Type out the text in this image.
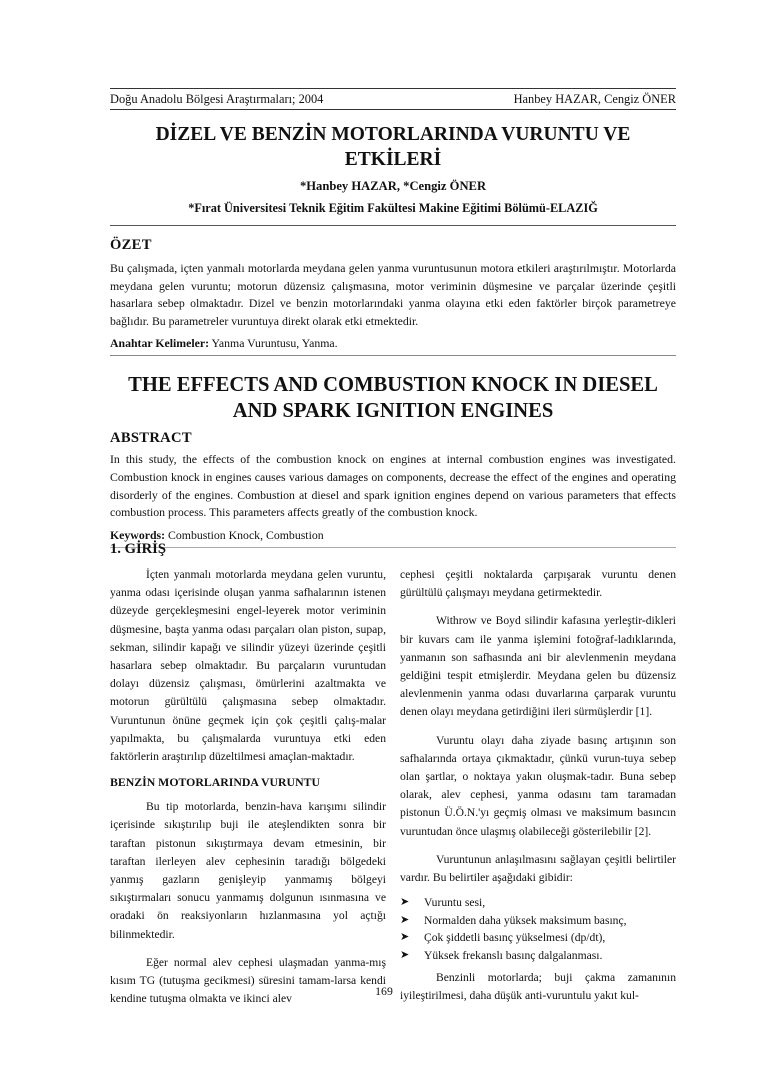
Doğu Anadolu Bölgesi Araştırmaları; 2004	Hanbey HAZAR, Cengiz ÖNER
DİZEL VE BENZİN MOTORLARINDA VURUNTU VE ETKİLERİ
*Hanbey HAZAR, *Cengiz ÖNER
*Fırat Üniversitesi Teknik Eğitim Fakültesi Makine Eğitimi Bölümü-ELAZIĞ
ÖZET
Bu çalışmada, içten yanmalı motorlarda meydana gelen yanma vuruntusunun motora etkileri araştırılmıştır. Motorlarda meydana gelen vuruntu; motorun düzensiz çalışmasına, motor veriminin düşmesine ve parçalar üzerinde çeşitli hasarlara sebep olmaktadır. Dizel ve benzin motorlarındaki yanma olayına etki eden faktörler birçok parametreye bağlıdır. Bu parametreler vuruntuya direkt olarak etki etmektedir.
Anahtar Kelimeler: Yanma Vuruntusu, Yanma.
THE EFFECTS AND COMBUSTION KNOCK IN DIESEL AND SPARK IGNITION ENGINES
ABSTRACT
In this study, the effects of the combustion knock on engines at internal combustion engines was investigated. Combustion knock in engines causes various damages on components, decrease the effect of the engines and operating disorderly of the engines. Combustion at diesel and spark ignition engines depend on various parameters that effects combustion process. This parameters affects greatly of the combustion knock.
Keywords: Combustion Knock, Combustion
1. GİRİŞ

İçten yanmalı motorlarda meydana gelen vuruntu, yanma odası içerisinde oluşan yanma safhalarının istenen düzeyde gerçekleşmesini engel-leyerek motor veriminin düşmesine, başta yanma odası parçaları olan piston, supap, sekman, silindir kapağı ve silindir yüzeyi üzerinde çeşitli hasarlara sebep olmaktadır. Bu parçaların vuruntudan dolayı düzensiz çalışması, ömürlerini azaltmakta ve motorun gürültülü çalışmasına sebep olmaktadır. Vuruntunun önüne geçmek için çok çeşitli çalış-malar yapılmakta, bu çalışmalarda vuruntuya etki eden faktörlerin araştırılıp düzeltilmesi amaçlan-maktadır.

BENZİN MOTORLARINDA VURUNTU

Bu tip motorlarda, benzin-hava karışımı silindir içerisinde sıkıştırılıp buji ile ateşlendikten sonra bir taraftan pistonun sıkıştırmaya devam etmesinin, bir taraftan ilerleyen alev cephesinin taradığı bölgedeki yanmış gazların genişleyip yanmamış bölgeyi sıkıştırmaları sonucu yanmamış dolgunun ısınmasına ve oradaki ön reaksiyonların hızlanmasına yol açtığı bilinmektedir.

Eğer normal alev cephesi ulaşmadan yanma-mış kısım TG (tutuşma gecikmesi) süresini tamam-larsa kendi kendine tutuşma olmakta ve ikinci alev

cephesi çeşitli noktalarda çarpışarak vuruntu denen gürültülü çalışmayı meydana getirmektedir.

Withrow ve Boyd silindir kafasına yerleştir-dikleri bir kuvars cam ile yanma işlemini fotoğraf-ladıklarında, yanmanın son safhasında ani bir alevlenmenin meydana geldiğini tespit etmişlerdir. Meydana gelen bu düzensiz alevlenmenin yanma odası duvarlarına çarparak vuruntu denen olayı meydana getirdiğini ileri sürmüşlerdir [1].

Vuruntu olayı daha ziyade basınç artışının son safhalarında ortaya çıkmaktadır, çünkü vurun-tuya sebep olan şartlar, o noktaya yakın oluşmak-tadır. Buna sebep olarak, alev cephesi, yanma odasını tam taramadan pistonun Ü.Ö.N.'yı geçmiş olması ve maksimum basıncın vuruntudan önce ulaşmış olabileceği gösterilebilir [2].

Vuruntunun anlaşılmasını sağlayan çeşitli belirtiler vardır. Bu belirtiler aşağıdaki gibidir:

➤ Vuruntu sesi,
➤ Normalden daha yüksek maksimum basınç,
➤ Çok şiddetli basınç yükselmesi (dp/dt),
➤ Yüksek frekanslı basınç dalgalanması.

Benzinli motorlarda; buji çakma zamanının iyileştirilmesi, daha düşük anti-vuruntulu yakıt kul-

169
